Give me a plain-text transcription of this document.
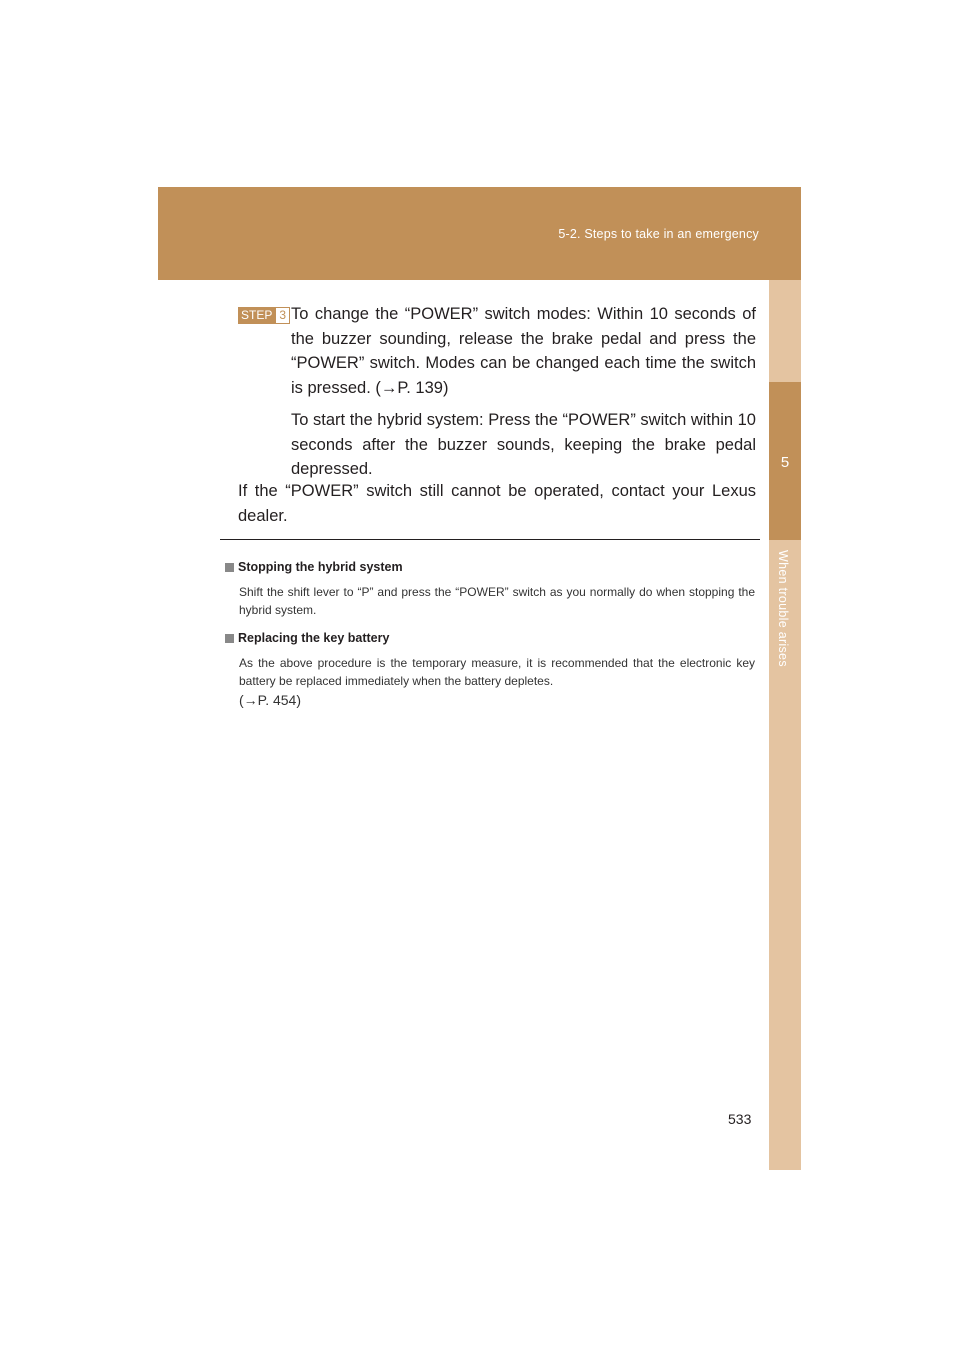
5-2. Steps to take in an emergency
5
When trouble arises
STEP 3 To change the “POWER” switch modes: Within 10 seconds of the buzzer sounding, release the brake pedal and press the “POWER” switch. Modes can be changed each time the switch is pressed. (→P. 139)

To start the hybrid system: Press the “POWER” switch within 10 seconds after the buzzer sounds, keeping the brake pedal depressed.

If the “POWER” switch still cannot be operated, contact your Lexus dealer.

Stopping the hybrid system
Shift the shift lever to “P” and press the “POWER” switch as you normally do when stopping the hybrid system.
Replacing the key battery
As the above procedure is the temporary measure, it is recommended that the electronic key battery be replaced immediately when the battery depletes.
(→P. 454)
533
